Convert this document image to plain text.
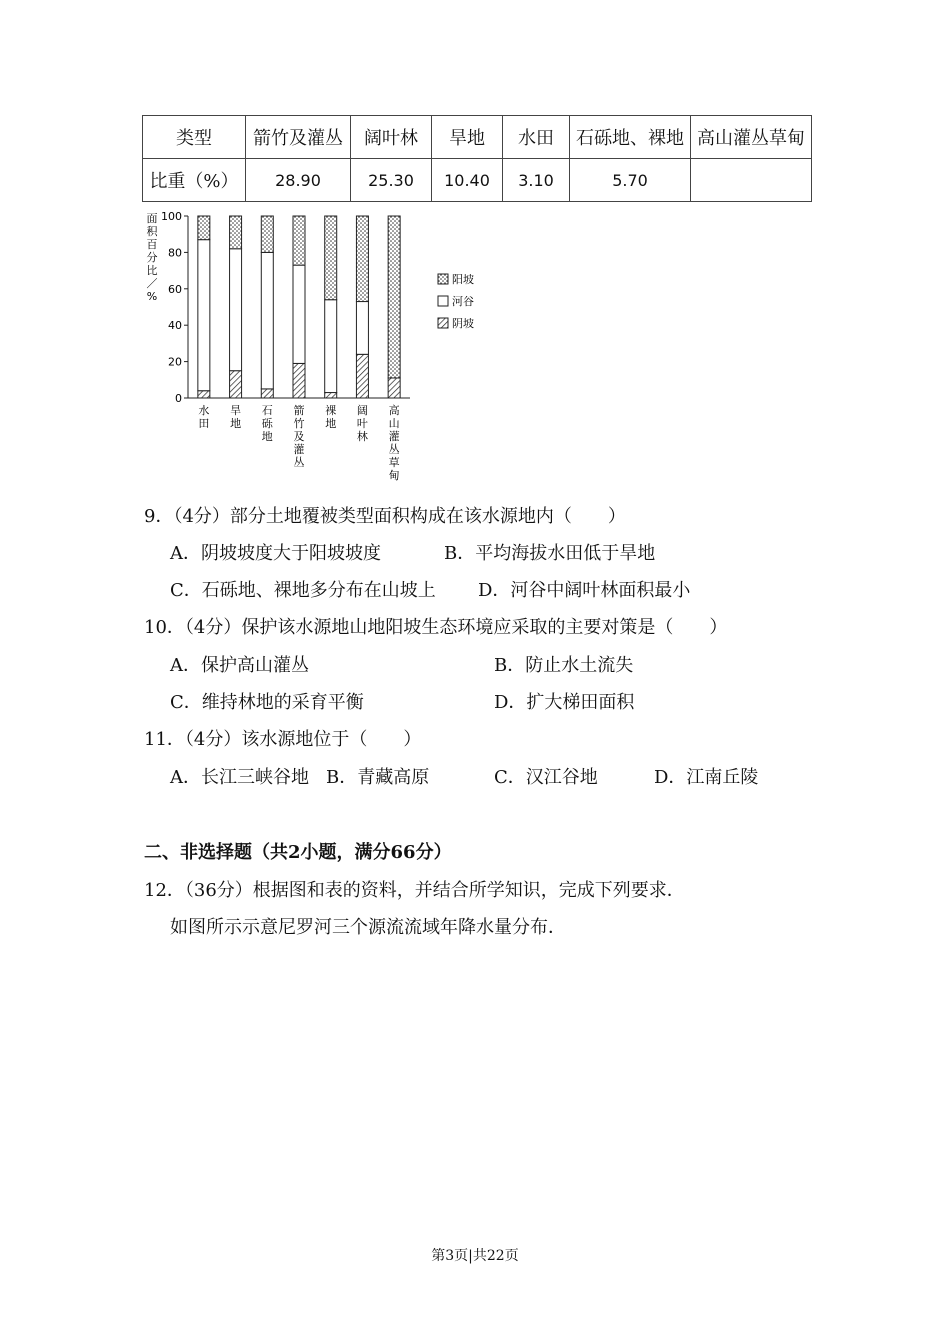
类型	箭竹及灌丛	阔叶林	旱地	水田	石砾地、裸地	高山灌丛草甸
比重（%）	28.90	25.30	10.40	3.10	5.70	
面
积
百
分
比
／
%
0
20
40
60
80
100
水
田
旱
地
石
砾
地
箭
竹
及
灌
丛
裸
地
阔
叶
林
高
山
灌
丛
草
甸
阳坡
河谷
阴坡
9．（4分）部分土地覆被类型面积构成在该水源地内（　　）
A．阴坡坡度大于阳坡坡度	B．平均海拔水田低于旱地
C．石砾地、裸地多分布在山坡上 D．河谷中阔叶林面积最小
10．（4分）保护该水源地山地阳坡生态环境应采取的主要对策是（　　）
A．保护高山灌丛	B．防止水土流失
C．维持林地的采育平衡	D．扩大梯田面积
11．（4分）该水源地位于（　　）
A．长江三峡谷地 B．青藏高原	C．汉江谷地	D．江南丘陵
二、非选择题（共2小题，满分66分）
12．（36分）根据图和表的资料，并结合所学知识，完成下列要求．
如图所示示意尼罗河三个源流流域年降水量分布．
第3页|共22页
